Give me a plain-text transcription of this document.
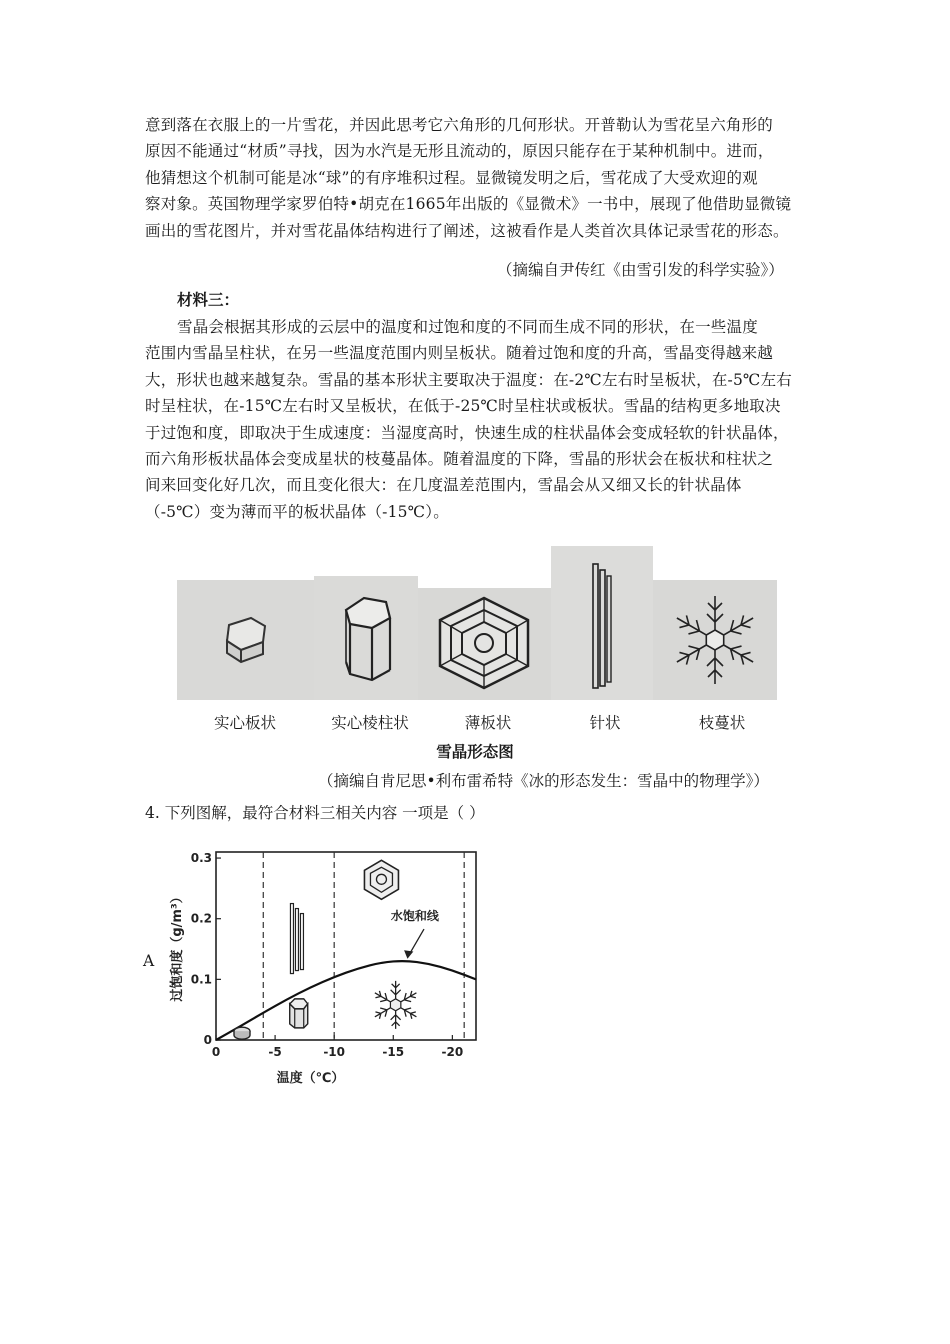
意到落在衣服上的一片雪花，并因此思考它六角形的几何形状。开普勒认为雪花呈六角形的
原因不能通过“材质”寻找，因为水汽是无形且流动的，原因只能存在于某种机制中。进而，
他猜想这个机制可能是冰“球”的有序堆积过程。显微镜发明之后，雪花成了大受欢迎的观
察对象。英国物理学家罗伯特•胡克在1665年出版的《显微术》一书中，展现了他借助显微镜
画出的雪花图片，并对雪花晶体结构进行了阐述，这被看作是人类首次具体记录雪花的形态。
（摘编自尹传红《由雪引发的科学实验》）
材料三：
雪晶会根据其形成的云层中的温度和过饱和度的不同而生成不同的形状，在一些温度
范围内雪晶呈柱状，在另一些温度范围内则呈板状。随着过饱和度的升高，雪晶变得越来越
大，形状也越来越复杂。雪晶的基本形状主要取决于温度：在-2℃左右时呈板状，在-5℃左右
时呈柱状，在-15℃左右时又呈板状，在低于-25℃时呈柱状或板状。雪晶的结构更多地取决
于过饱和度，即取决于生成速度：当湿度高时，快速生成的柱状晶体会变成轻软的针状晶体，
而六角形板状晶体会变成星状的枝蔓晶体。随着温度的下降，雪晶的形状会在板状和柱状之
间来回变化好几次，而且变化很大：在几度温差范围内，雪晶会从又细又长的针状晶体
（-5℃）变为薄而平的板状晶体（-15℃）。
实心板状	实心棱柱状	薄板状	针状	枝蔓状
雪晶形态图
（摘编自肯尼思•利布雷希特《冰的形态发生：雪晶中的物理学》）
4. 下列图解，最符合材料三相关内容 一项是（ ）
A
0
0.1
0.2
0.3
0	-5	-10	-15	-20
温度（℃）
过饱和度（g/m³）	水饱和线
